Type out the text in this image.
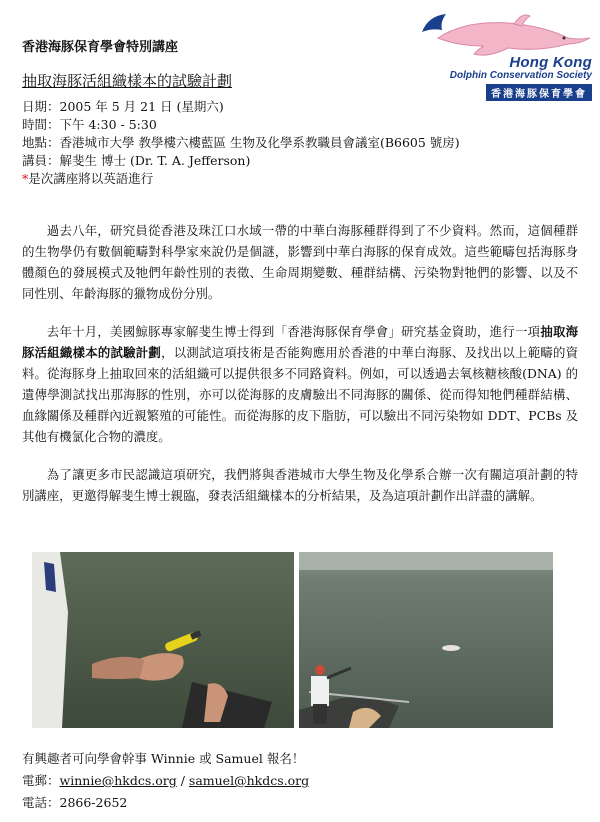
Hong Kong
Dolphin Conservation Society
香港海豚保育學會
香港海豚保育學會特別講座
抽取海豚活組織樣本的試驗計劃
日期：2005 年 5 月 21 日 (星期六)
時間：下午 4:30 - 5:30
地點：香港城市大學 教學樓六樓藍區 生物及化學系教職員會議室(B6605 號房)
講員：解斐生 博士 (Dr. T. A. Jefferson)
*是次講座將以英語進行
過去八年，研究員從香港及珠江口水域一帶的中華白海豚種群得到了不少資料。然而，這個種群的生物學仍有數個範疇對科學家來說仍是個謎，影響到中華白海豚的保育成效。這些範疇包括海豚身體顏色的發展模式及牠們年齡性別的表徵、生命周期變數、種群結構、污染物對牠們的影響、以及不同性別、年齡海豚的獵物成份分別。
去年十月，美國鯨豚專家解斐生博士得到「香港海豚保育學會」研究基金資助，進行一項抽取海豚活組織樣本的試驗計劃，以測試這項技術是否能夠應用於香港的中華白海豚、及找出以上範疇的資料。從海豚身上抽取回來的活組織可以提供很多不同路資料。例如，可以透過去氧核糖核酸(DNA) 的遺傳學測試找出那海豚的性別，亦可以從海豚的皮膚驗出不同海豚的關係、從而得知牠們種群結構、血緣關係及種群內近親繁殖的可能性。而從海豚的皮下脂肪，可以驗出不同污染物如 DDT、PCBs 及其他有機氯化合物的濃度。
為了讓更多市民認識這項研究，我們將與香港城市大學生物及化學系合辦一次有關這項計劃的特別講座，更邀得解斐生博士親臨，發表活組織樣本的分析結果，及為這項計劃作出詳盡的講解。
有興趣者可向學會幹事 Winnie 或 Samuel 報名！
電郵：winnie@hkdcs.org / samuel@hkdcs.org
電話：2866-2652
